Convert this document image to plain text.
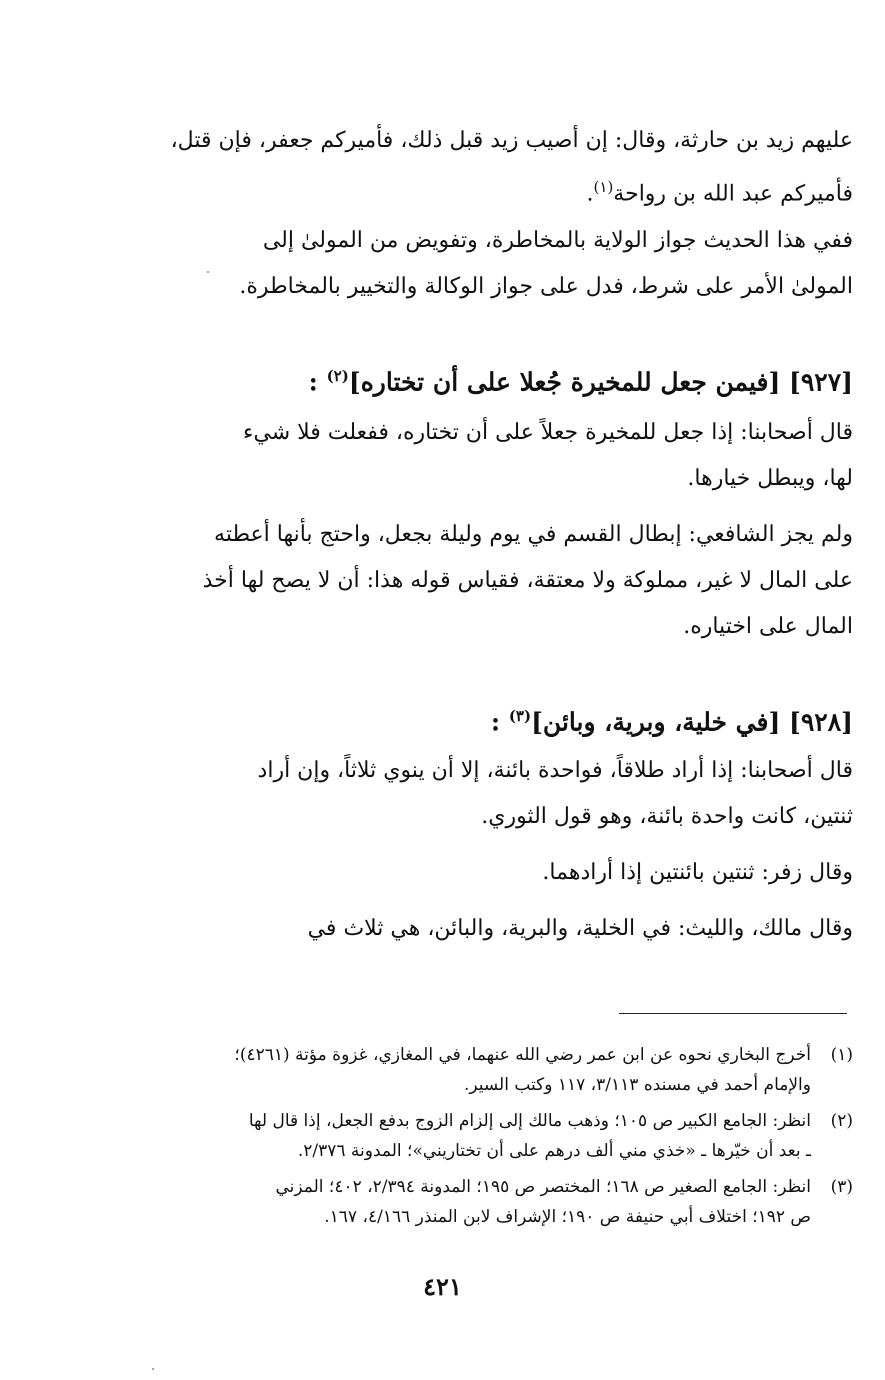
عليهم زيد بن حارثة، وقال: إن أصيب زيد قبل ذلك، فأميركم جعفر، فإن قتل،
فأميركم عبد الله بن رواحة$^{(١)}$.
ففي هذا الحديث جواز الولاية بالمخاطرة، وتفويض من المولىٰ إلى
المولىٰ الأمر على شرط، فدل على جواز الوكالة والتخيير بالمخاطرة.
[٩٢٧] [فيمن جعل للمخيرة جُعلا على أن تختاره]$^{(٢)}$ :
قال أصحابنا: إذا جعل للمخيرة جعلاً على أن تختاره، ففعلت فلا شيء
لها، ويبطل خيارها.
ولم يجز الشافعي: إبطال القسم في يوم وليلة بجعل، واحتج بأنها أعطته
على المال لا غير، مملوكة ولا معتقة، فقياس قوله هذا: أن لا يصح لها أخذ
المال على اختياره.
[٩٢٨] [في خلية، وبرية، وبائن]$^{(٣)}$ :
قال أصحابنا: إذا أراد طلاقاً، فواحدة بائنة، إلا أن ينوي ثلاثاً، وإن أراد
ثنتين، كانت واحدة بائنة، وهو قول الثوري.
وقال زفر: ثنتين بائنتين إذا أرادهما.
وقال مالك، والليث: في الخلية، والبرية، والبائن، هي ثلاث في
(١)
أخرج البخاري نحوه عن ابن عمر رضي الله عنهما، في المغازي، غزوة مؤتة (٤٢٦١)؛
والإمام أحمد في مسنده ٣/١١٣، ١١٧ وكتب السير.
(٢)
انظر: الجامع الكبير ص ١٠٥؛ وذهب مالك إلى إلزام الزوج بدفع الجعل، إذا قال لها
ـ بعد أن خيّرها ـ «خذي مني ألف درهم على أن تختاريني»؛ المدونة ٢/٣٧٦.
(٣)
انظر: الجامع الصغير ص ١٦٨؛ المختصر ص ١٩٥؛ المدونة ٢/٣٩٤، ٤٠٢؛ المزني
ص ١٩٢؛ اختلاف أبي حنيفة ص ١٩٠؛ الإشراف لابن المنذر ٤/١٦٦، ١٦٧.
٤٢١
